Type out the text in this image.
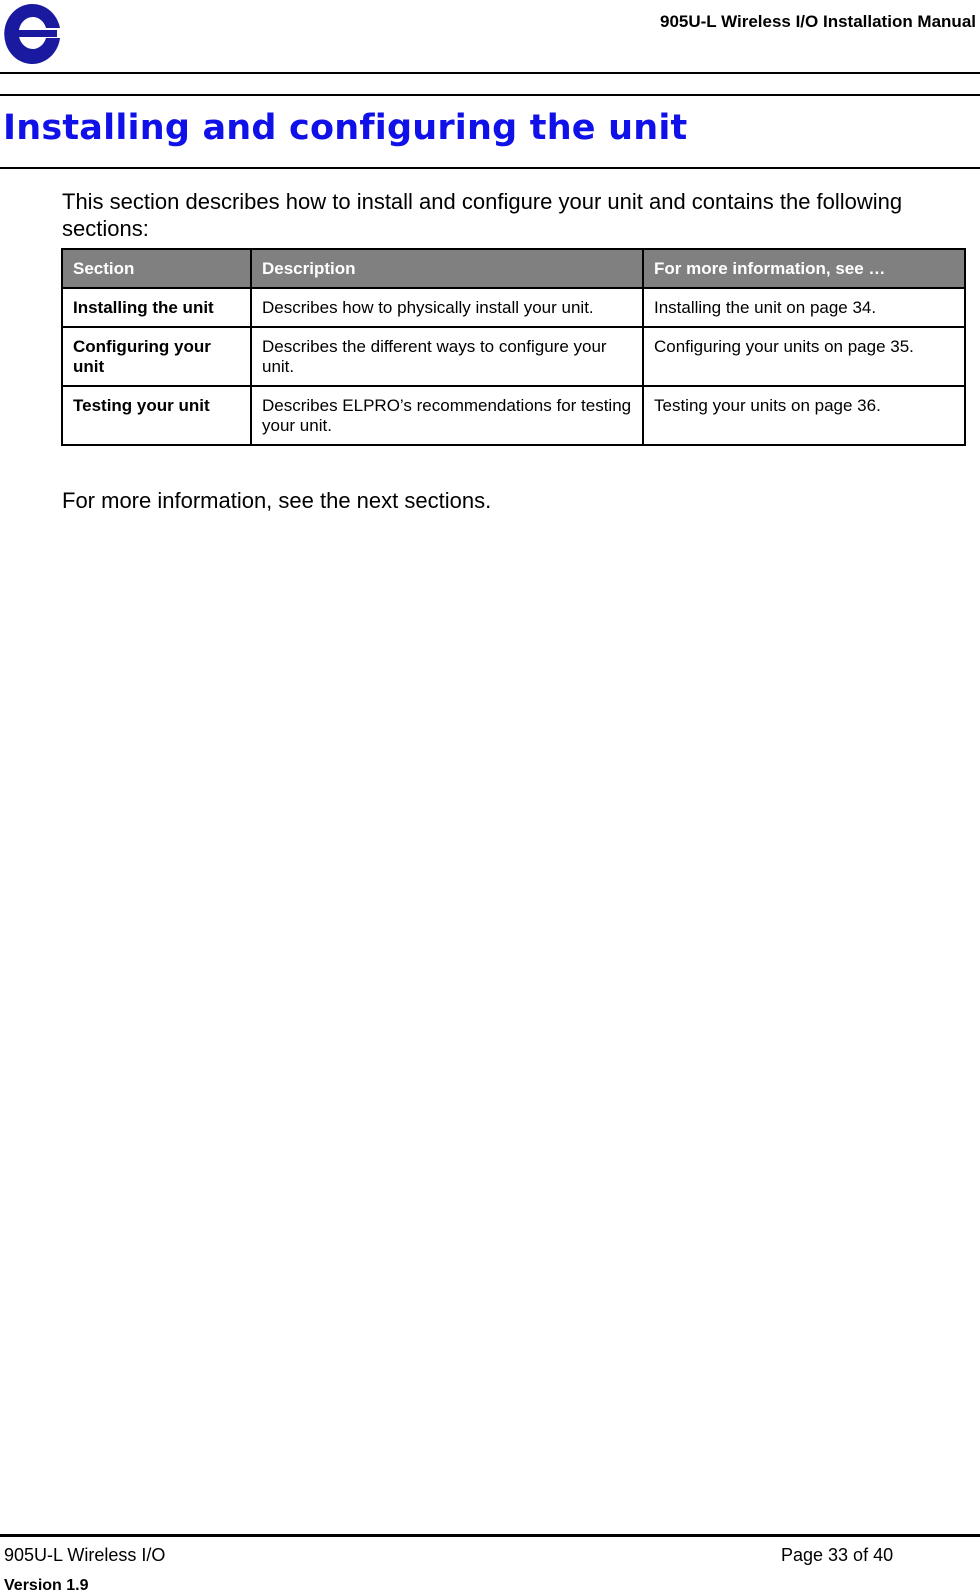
905U-L Wireless I/O Installation Manual
Installing and configuring the unit

This section describes how to install and configure your unit and contains the following sections:

Section	Description	For more information, see …
Installing the unit	Describes how to physically install your unit.	Installing the unit on page 34.
Configuring your unit	Describes the different ways to configure your unit.	Configuring your units on page 35.
Testing your unit	Describes ELPRO’s recommendations for testing your unit.	Testing your units on page 36.

For more information, see the next sections.

905U-L Wireless I/O	Page 33 of 40
Version 1.9
